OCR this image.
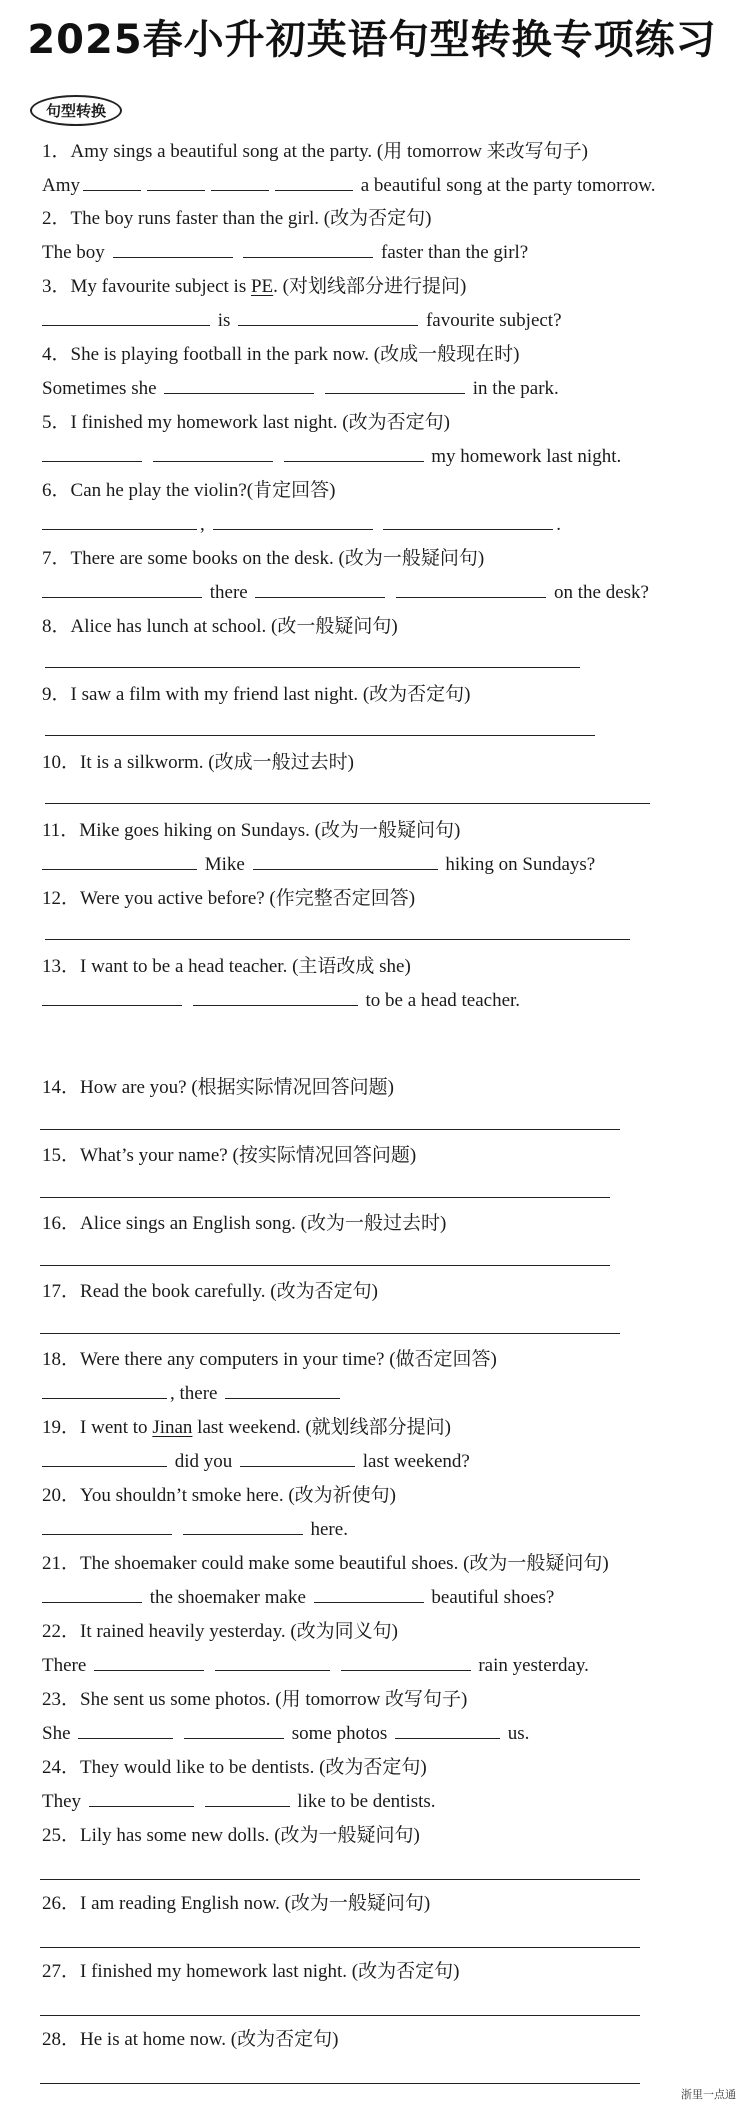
2025春小升初英语句型转换专项练习
句型转换
1．Amy sings a beautiful song at the party. (用 tomorrow 来改写句子)
Amy	a beautiful song at the party tomorrow.
2．The boy runs faster than the girl. (改为否定句)
The boy	faster than the girl?
3．My favourite subject is PE. (对划线部分进行提问)
is	favourite subject?
4．She is playing football in the park now. (改成一般现在时)
Sometimes she	in the park.
5．I finished my homework last night. (改为否定句)
my homework last night.
6．Can he play the violin?(肯定回答)
,	.
7．There are some books on the desk. (改为一般疑问句)
there	on the desk?
8．Alice has lunch at school. (改一般疑问句)
9．I saw a film with my friend last night. (改为否定句)
10．It is a silkworm. (改成一般过去时)
11．Mike goes hiking on Sundays. (改为一般疑问句)
Mike	hiking on Sundays?
12．Were you active before? (作完整否定回答)
13．I want to be a head teacher. (主语改成 she)
to be a head teacher.
14．How are you? (根据实际情况回答问题)
15．What’s your name? (按实际情况回答问题)
16．Alice sings an English song. (改为一般过去时)
17．Read the book carefully. (改为否定句)
18．Were there any computers in your time? (做否定回答)
, there
19．I went to Jinan last weekend. (就划线部分提问)
did you	last weekend?
20．You shouldn’t smoke here. (改为祈使句)
here.
21．The shoemaker could make some beautiful shoes. (改为一般疑问句)
the shoemaker make	beautiful shoes?
22．It rained heavily yesterday. (改为同义句)
There	rain yesterday.
23．She sent us some photos. (用 tomorrow 改写句子)
She	some photos	us.
24．They would like to be dentists. (改为否定句)
They	like to be dentists.
25．Lily has some new dolls. (改为一般疑问句)
26．I am reading English now. (改为一般疑问句)
27．I finished my homework last night. (改为否定句)
28．He is at home now. (改为否定句)
浙里一点通
